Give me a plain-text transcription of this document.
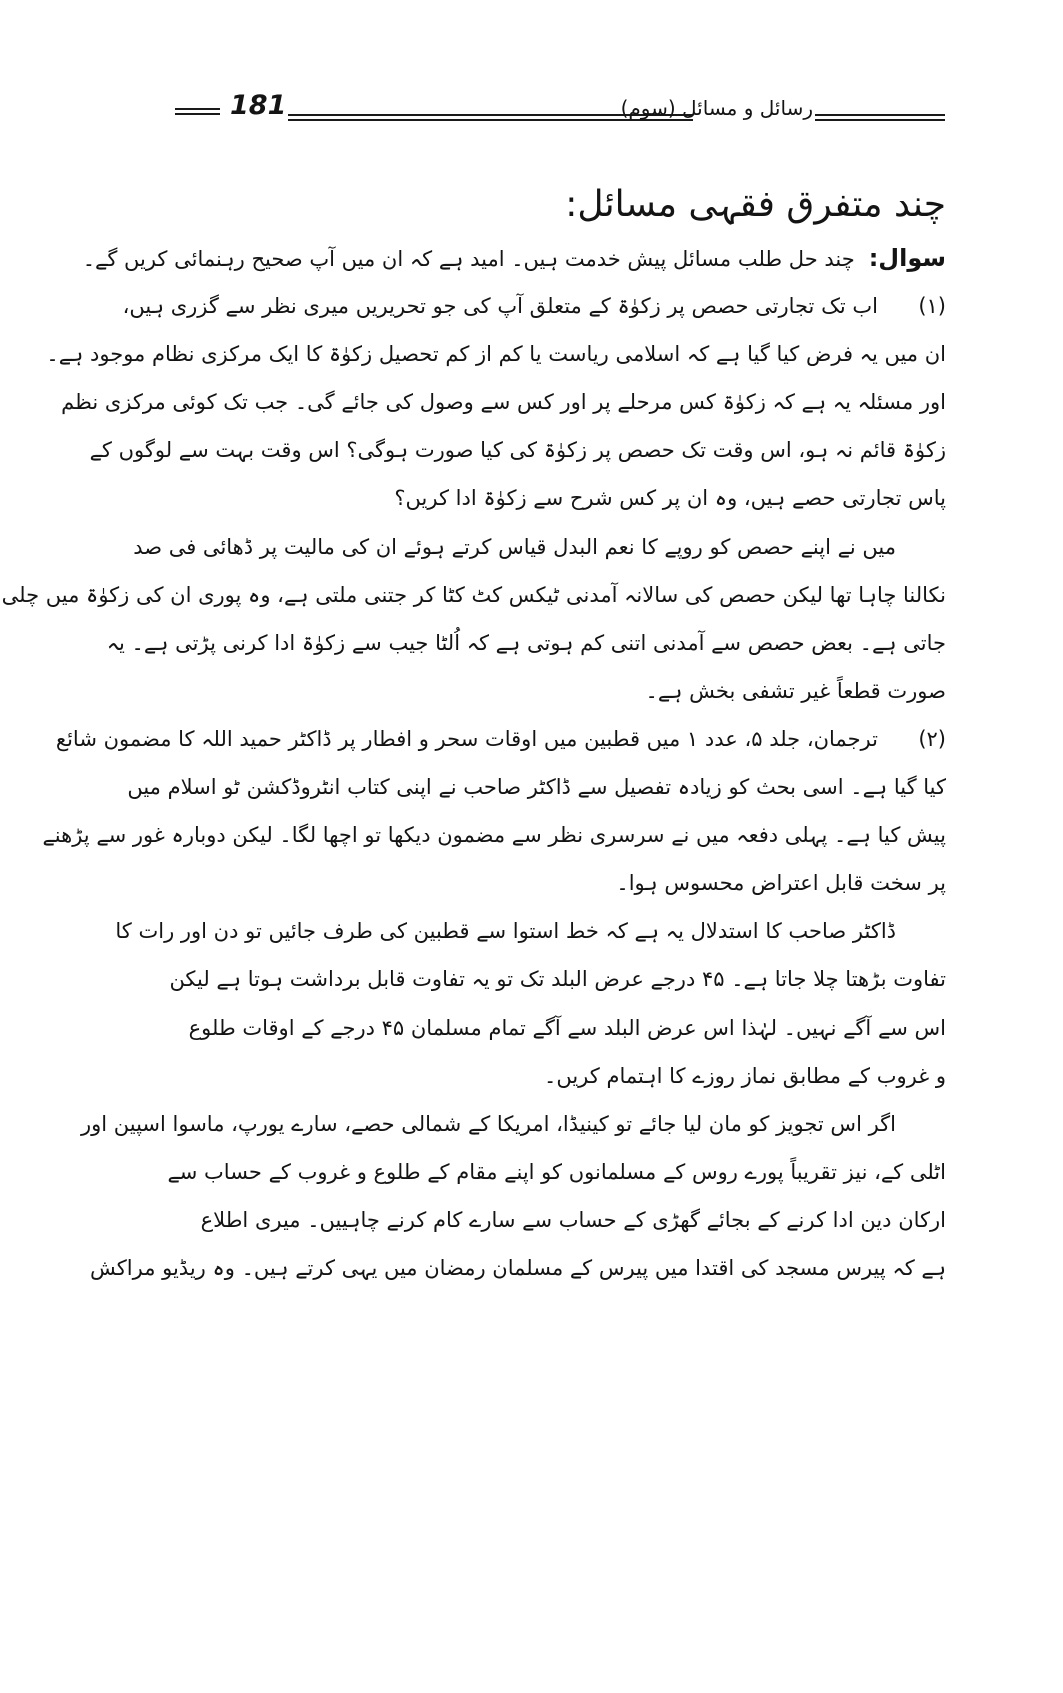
181	رسائل و مسائل (سوم)
چند متفرق فقہی مسائل:

سوال:چند حل طلب مسائل پیش خدمت ہیں۔ امید ہے کہ ان میں آپ صحیح رہنمائی کریں گے۔

(۱)اب تک تجارتی حصص پر زکوٰۃ کے متعلق آپ کی جو تحریریں میری نظر سے گزری ہیں،

ان میں یہ فرض کیا گیا ہے کہ اسلامی ریاست یا کم از کم تحصیل زکوٰۃ کا ایک مرکزی نظام موجود ہے۔

اور مسئلہ یہ ہے کہ زکوٰۃ کس مرحلے پر اور کس سے وصول کی جائے گی۔ جب تک کوئی مرکزی نظم

زکوٰۃ قائم نہ ہو، اس وقت تک حصص پر زکوٰۃ کی کیا صورت ہوگی؟ اس وقت بہت سے لوگوں کے

پاس تجارتی حصے ہیں، وہ ان پر کس شرح سے زکوٰۃ ادا کریں؟

میں نے اپنے حصص کو روپے کا نعم البدل قیاس کرتے ہوئے ان کی مالیت پر ڈھائی فی صد

نکالنا چاہا تھا لیکن حصص کی سالانہ آمدنی ٹیکس کٹ کٹا کر جتنی ملتی ہے، وہ پوری ان کی زکوٰۃ میں چلی

جاتی ہے۔ بعض حصص سے آمدنی اتنی کم ہوتی ہے کہ اُلٹا جیب سے زکوٰۃ ادا کرنی پڑتی ہے۔ یہ

صورت قطعاً غیر تشفی بخش ہے۔

(۲)ترجمان، جلد ۵، عدد ۱ میں قطبین میں اوقات سحر و افطار پر ڈاکٹر حمید اللہ کا مضمون شائع

کیا گیا ہے۔ اسی بحث کو زیادہ تفصیل سے ڈاکٹر صاحب نے اپنی کتاب انٹروڈکشن ٹو اسلام میں

پیش کیا ہے۔ پہلی دفعہ میں نے سرسری نظر سے مضمون دیکھا تو اچھا لگا۔ لیکن دوبارہ غور سے پڑھنے

پر سخت قابل اعتراض محسوس ہوا۔

ڈاکٹر صاحب کا استدلال یہ ہے کہ خط استوا سے قطبین کی طرف جائیں تو دن اور رات کا

تفاوت بڑھتا چلا جاتا ہے۔ ۴۵ درجے عرض البلد تک تو یہ تفاوت قابل برداشت ہوتا ہے لیکن

اس سے آگے نہیں۔ لہٰذا اس عرض البلد سے آگے تمام مسلمان ۴۵ درجے کے اوقات طلوع

و غروب کے مطابق نماز روزے کا اہتمام کریں۔

اگر اس تجویز کو مان لیا جائے تو کینیڈا، امریکا کے شمالی حصے، سارے یورپ، ماسوا اسپین اور

اٹلی کے، نیز تقریباً پورے روس کے مسلمانوں کو اپنے مقام کے طلوع و غروب کے حساب سے

ارکان دین ادا کرنے کے بجائے گھڑی کے حساب سے سارے کام کرنے چاہییں۔ میری اطلاع

ہے کہ پیرس مسجد کی اقتدا میں پیرس کے مسلمان رمضان میں یہی کرتے ہیں۔ وہ ریڈیو مراکش
